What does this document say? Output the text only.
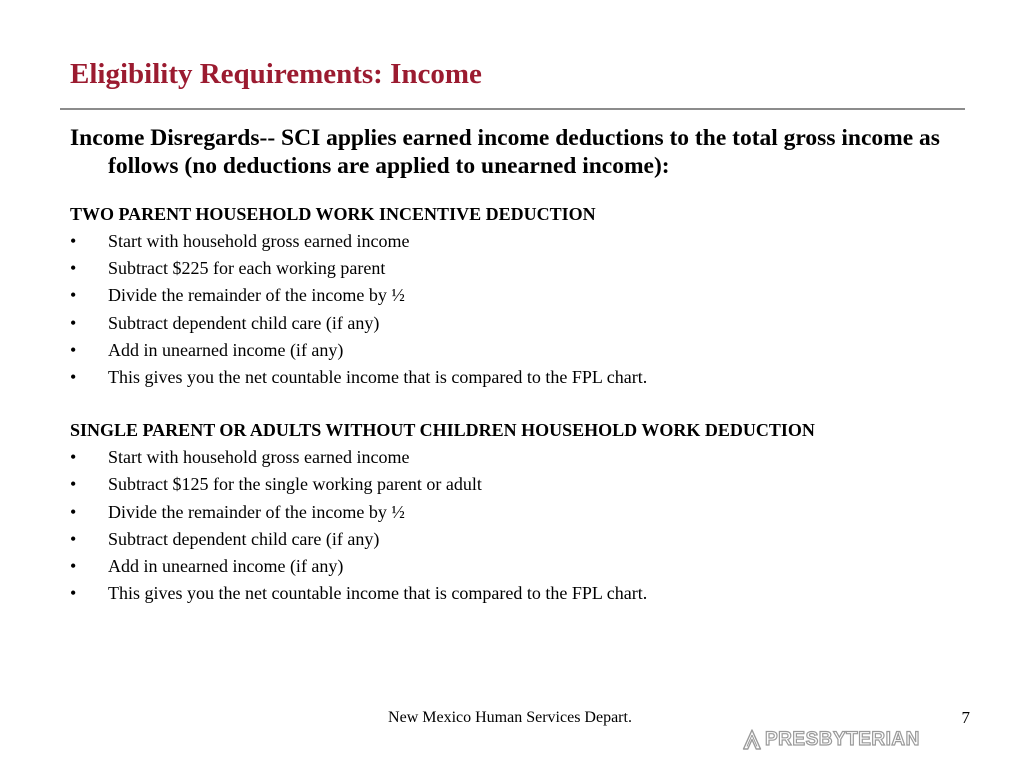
Eligibility Requirements: Income

Income Disregards-- SCI applies earned income deductions to the total gross income as follows (no deductions are applied to unearned income):

TWO PARENT HOUSEHOLD WORK INCENTIVE DEDUCTION

• Start with household gross earned income
• Subtract $225 for each working parent
• Divide the remainder of the income by ½
• Subtract dependent child care (if any)
• Add in unearned income (if any)
• This gives you the net countable income that is compared to the FPL chart.

SINGLE PARENT OR ADULTS WITHOUT CHILDREN HOUSEHOLD WORK DEDUCTION

• Start with household gross earned income
• Subtract $125 for the single working parent or adult
• Divide the remainder of the income by ½
• Subtract dependent child care (if any)
• Add in unearned income (if any)
• This gives you the net countable income that is compared to the FPL chart.
New Mexico Human Services Depart.	7
PRESBYTERIAN
